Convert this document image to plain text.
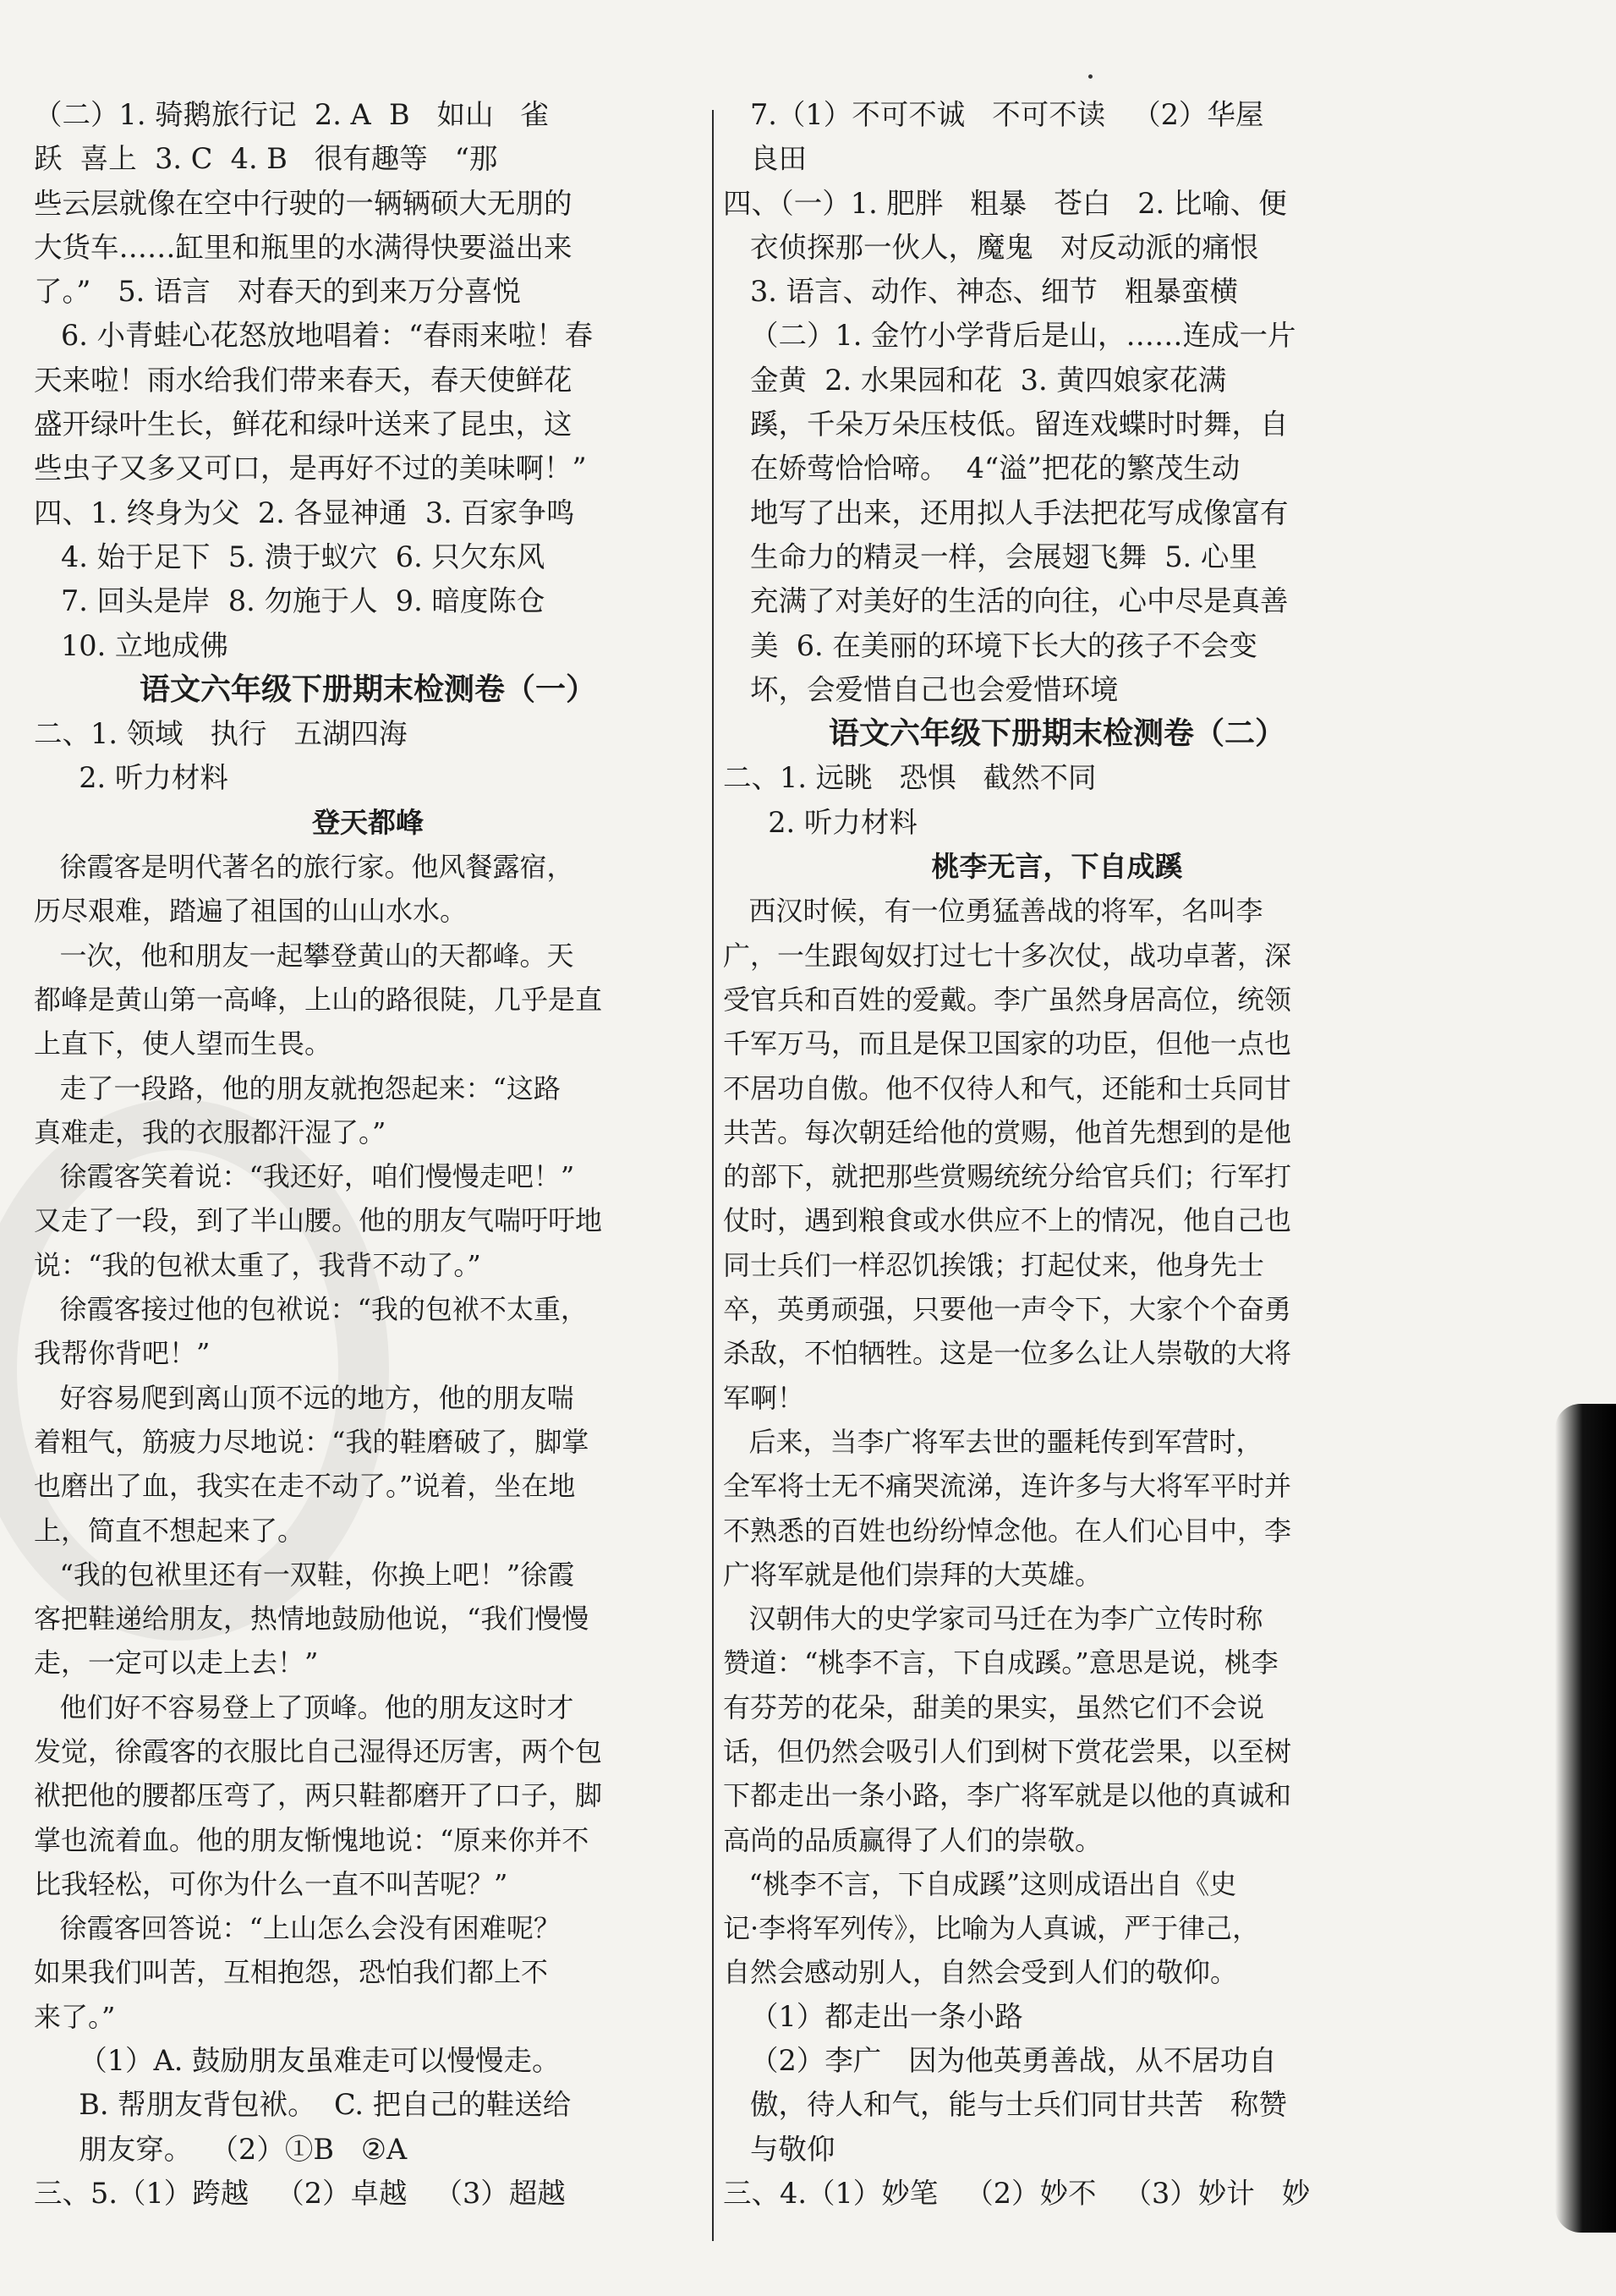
（二）1. 骑鹅旅行记  2. A  B   如山   雀
跃  喜上  3. C  4. B   很有趣等   “那
些云层就像在空中行驶的一辆辆硕大无朋的
大货车……缸里和瓶里的水满得快要溢出来
了。”   5. 语言   对春天的到来万分喜悦
6. 小青蛙心花怒放地唱着：“春雨来啦！春
天来啦！雨水给我们带来春天，春天使鲜花
盛开绿叶生长，鲜花和绿叶送来了昆虫，这
些虫子又多又可口，是再好不过的美味啊！”
四、1. 终身为父  2. 各显神通  3. 百家争鸣
4. 始于足下  5. 溃于蚁穴  6. 只欠东风
7. 回头是岸  8. 勿施于人  9. 暗度陈仓
10. 立地成佛
语文六年级下册期末检测卷（一）
二、1. 领域   执行   五湖四海
2. 听力材料
登天都峰
徐霞客是明代著名的旅行家。他风餐露宿，
历尽艰难，踏遍了祖国的山山水水。
一次，他和朋友一起攀登黄山的天都峰。天
都峰是黄山第一高峰，上山的路很陡，几乎是直
上直下，使人望而生畏。
走了一段路，他的朋友就抱怨起来：“这路
真难走，我的衣服都汗湿了。”
徐霞客笑着说：“我还好，咱们慢慢走吧！”
又走了一段，到了半山腰。他的朋友气喘吁吁地
说：“我的包袱太重了，我背不动了。”
徐霞客接过他的包袱说：“我的包袱不太重，
我帮你背吧！”
好容易爬到离山顶不远的地方，他的朋友喘
着粗气，筋疲力尽地说：“我的鞋磨破了，脚掌
也磨出了血，我实在走不动了。”说着，坐在地
上，简直不想起来了。
“我的包袱里还有一双鞋，你换上吧！”徐霞
客把鞋递给朋友，热情地鼓励他说，“我们慢慢
走，一定可以走上去！”
他们好不容易登上了顶峰。他的朋友这时才
发觉，徐霞客的衣服比自己湿得还厉害，两个包
袱把他的腰都压弯了，两只鞋都磨开了口子，脚
掌也流着血。他的朋友惭愧地说：“原来你并不
比我轻松，可你为什么一直不叫苦呢？”
徐霞客回答说：“上山怎么会没有困难呢？
如果我们叫苦，互相抱怨，恐怕我们都上不
来了。”
（1）A. 鼓励朋友虽难走可以慢慢走。
B. 帮朋友背包袱。  C. 把自己的鞋送给
朋友穿。  （2）①B   ②A
三、5.（1）跨越   （2）卓越   （3）超越
7.（1）不可不诚   不可不读   （2）华屋
良田
四、（一）1. 肥胖   粗暴   苍白   2. 比喻、便
衣侦探那一伙人，魔鬼   对反动派的痛恨
3. 语言、动作、神态、细节   粗暴蛮横
（二）1. 金竹小学背后是山，……连成一片
金黄  2. 水果园和花  3. 黄四娘家花满
蹊，千朵万朵压枝低。留连戏蝶时时舞，自
在娇莺恰恰啼。  4“溢”把花的繁茂生动
地写了出来，还用拟人手法把花写成像富有
生命力的精灵一样，会展翅飞舞  5. 心里
充满了对美好的生活的向往，心中尽是真善
美  6. 在美丽的环境下长大的孩子不会变
坏，会爱惜自己也会爱惜环境
语文六年级下册期末检测卷（二）
二、1. 远眺   恐惧   截然不同
2. 听力材料
桃李无言，下自成蹊
西汉时候，有一位勇猛善战的将军，名叫李
广，一生跟匈奴打过七十多次仗，战功卓著，深
受官兵和百姓的爱戴。李广虽然身居高位，统领
千军万马，而且是保卫国家的功臣，但他一点也
不居功自傲。他不仅待人和气，还能和士兵同甘
共苦。每次朝廷给他的赏赐，他首先想到的是他
的部下，就把那些赏赐统统分给官兵们；行军打
仗时，遇到粮食或水供应不上的情况，他自己也
同士兵们一样忍饥挨饿；打起仗来，他身先士
卒，英勇顽强，只要他一声令下，大家个个奋勇
杀敌，不怕牺牲。这是一位多么让人崇敬的大将
军啊！
后来，当李广将军去世的噩耗传到军营时，
全军将士无不痛哭流涕，连许多与大将军平时并
不熟悉的百姓也纷纷悼念他。在人们心目中，李
广将军就是他们崇拜的大英雄。
汉朝伟大的史学家司马迁在为李广立传时称
赞道：“桃李不言，下自成蹊。”意思是说，桃李
有芬芳的花朵，甜美的果实，虽然它们不会说
话，但仍然会吸引人们到树下赏花尝果，以至树
下都走出一条小路，李广将军就是以他的真诚和
高尚的品质赢得了人们的崇敬。
“桃李不言，下自成蹊”这则成语出自《史
记·李将军列传》，比喻为人真诚，严于律己，
自然会感动别人，自然会受到人们的敬仰。
（1）都走出一条小路
（2）李广   因为他英勇善战，从不居功自
傲，待人和气，能与士兵们同甘共苦   称赞
与敬仰
三、4.（1）妙笔   （2）妙不   （3）妙计   妙
